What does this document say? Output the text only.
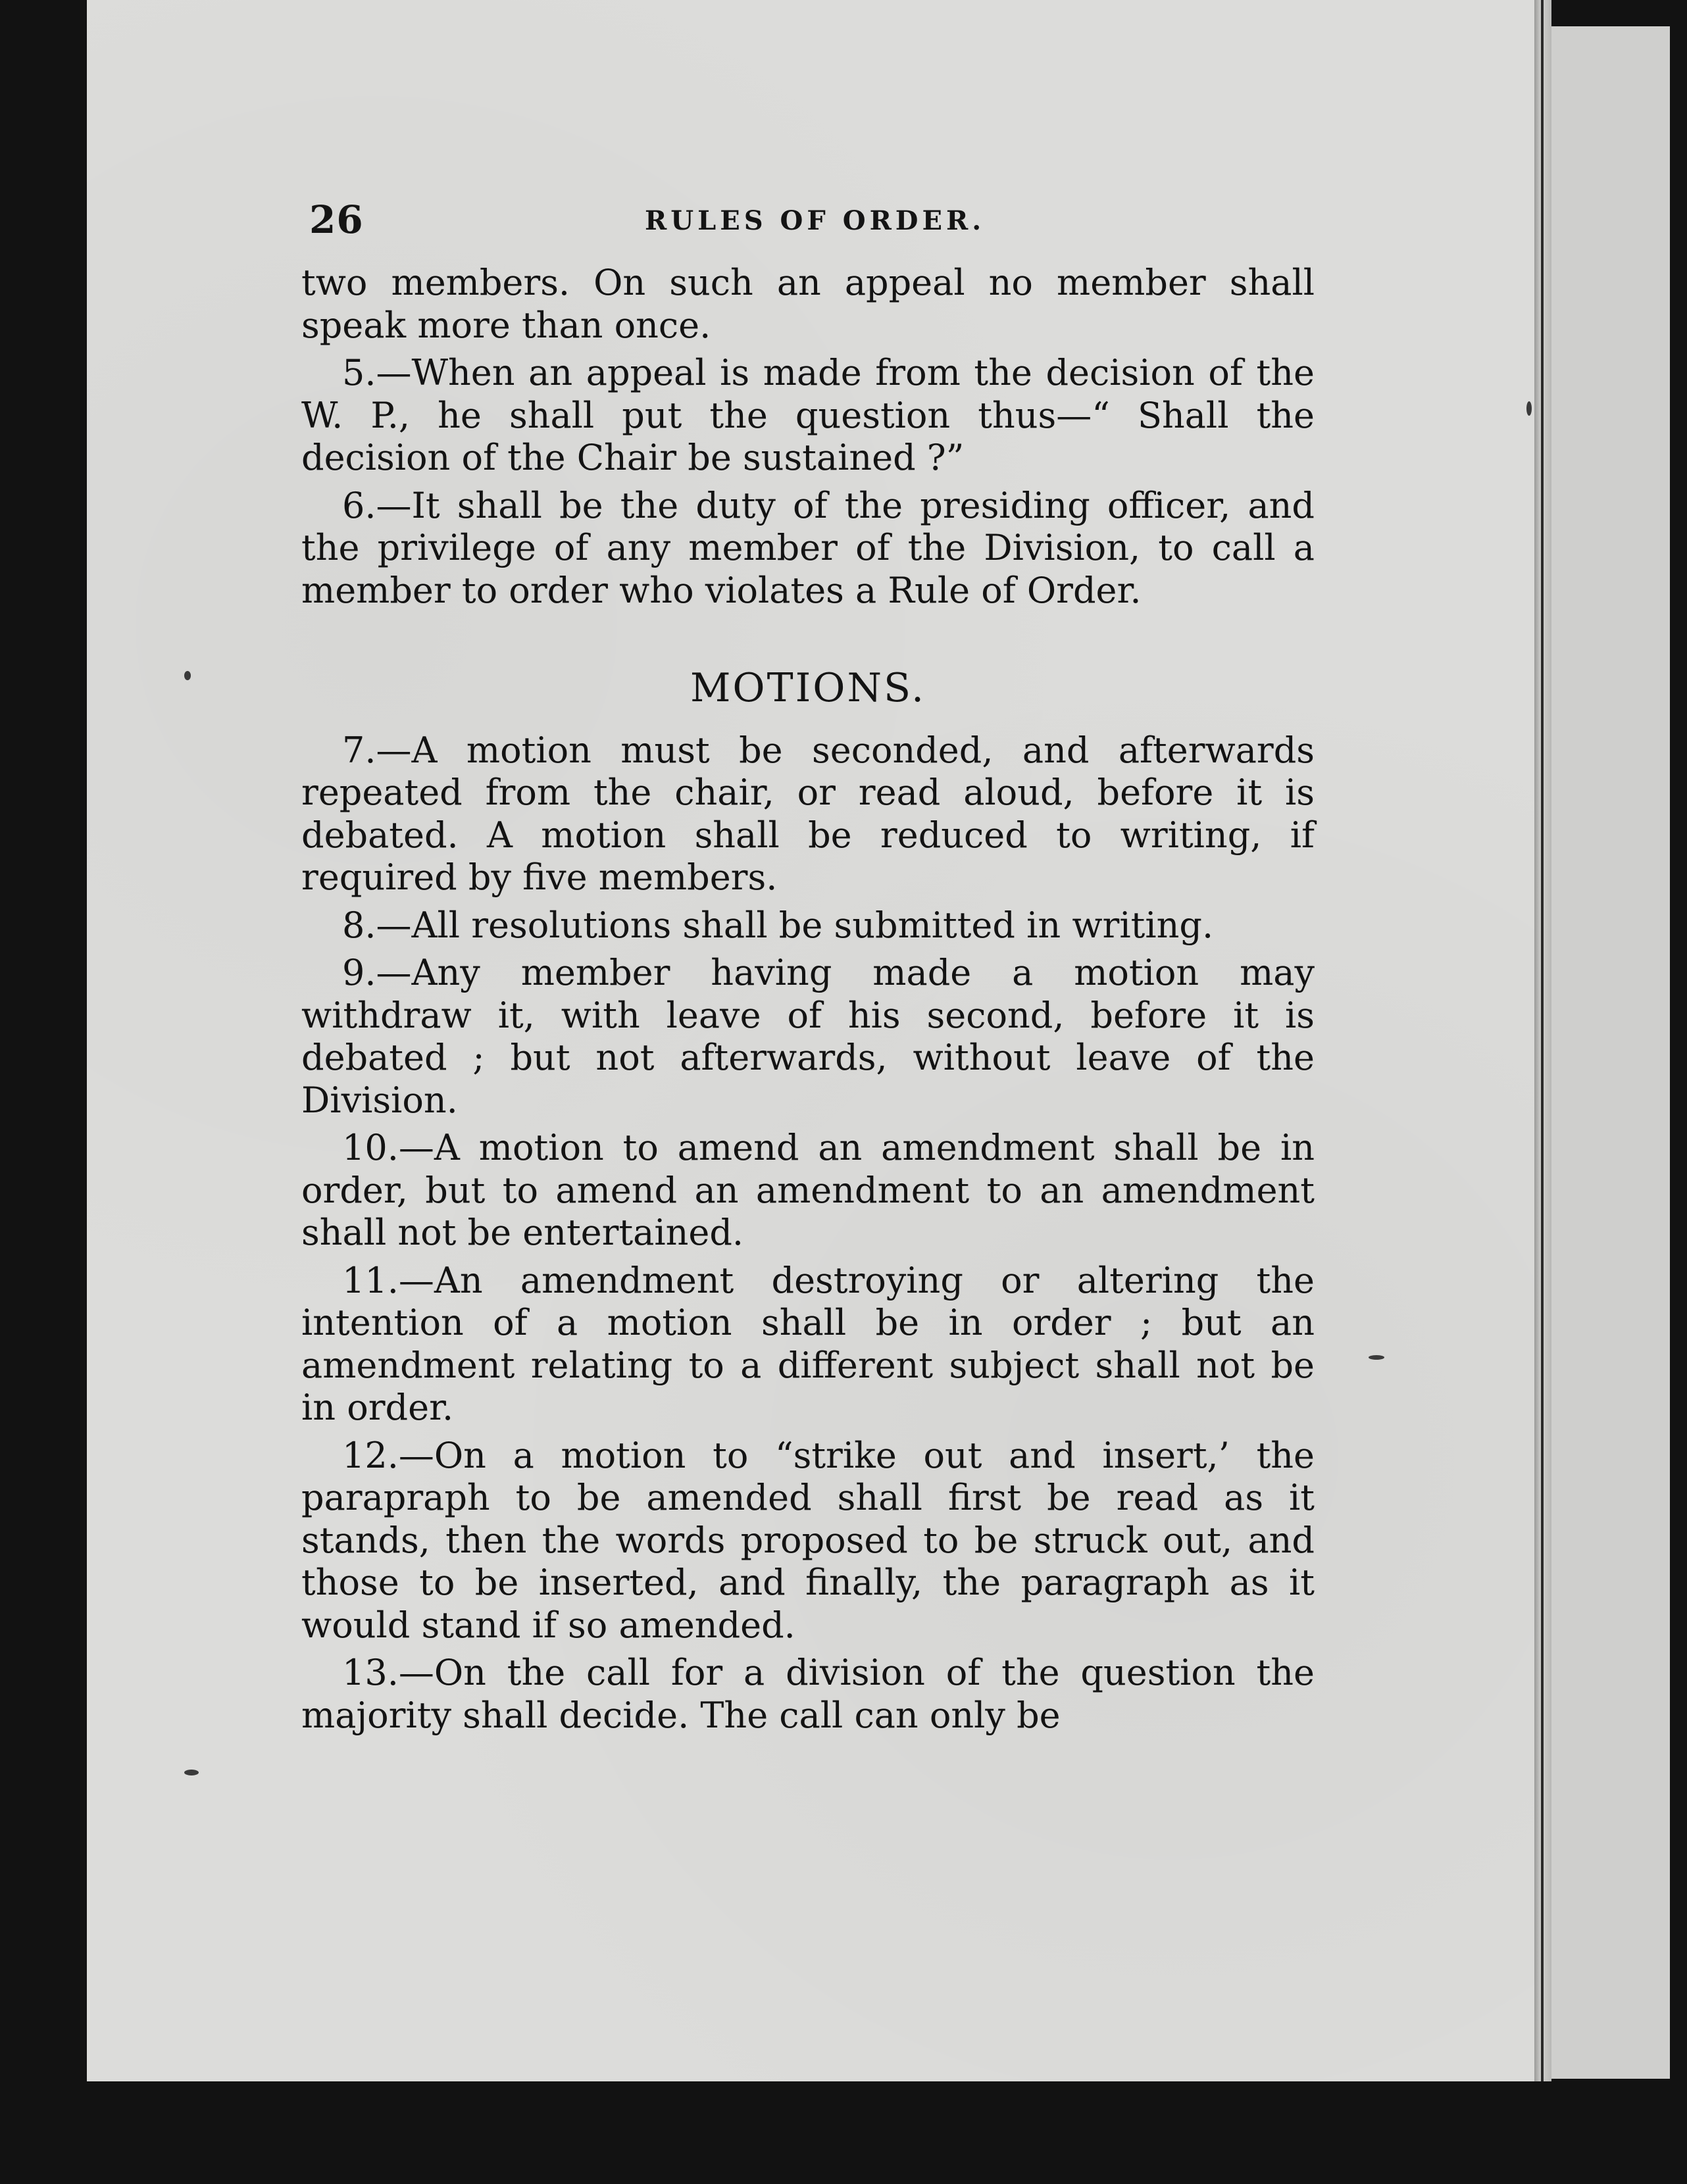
26	RULES OF ORDER.

two members. On such an appeal no member shall speak more than once.

5.—When an appeal is made from the decision of the W. P., he shall put the question thus—“ Shall the decision of the Chair be sustained ?”

6.—It shall be the duty of the presiding officer, and the privilege of any member of the Division, to call a member to order who violates a Rule of Order.

MOTIONS.

7.—A motion must be seconded, and afterwards repeated from the chair, or read aloud, before it is debated. A motion shall be reduced to writing, if required by five members.

8.—All resolutions shall be submitted in writing.

9.—Any member having made a motion may withdraw it, with leave of his second, before it is debated ; but not afterwards, without leave of the Division.

10.—A motion to amend an amendment shall be in order, but to amend an amendment to an amendment shall not be entertained.

11.—An amendment destroying or altering the intention of a motion shall be in order ; but an amendment relating to a different subject shall not be in order.

12.—On a motion to “strike out and insert,’ the parapraph to be amended shall first be read as it stands, then the words proposed to be struck out, and those to be inserted, and finally, the paragraph as it would stand if so amended.

13.—On the call for a division of the question the majority shall decide. The call can only be
